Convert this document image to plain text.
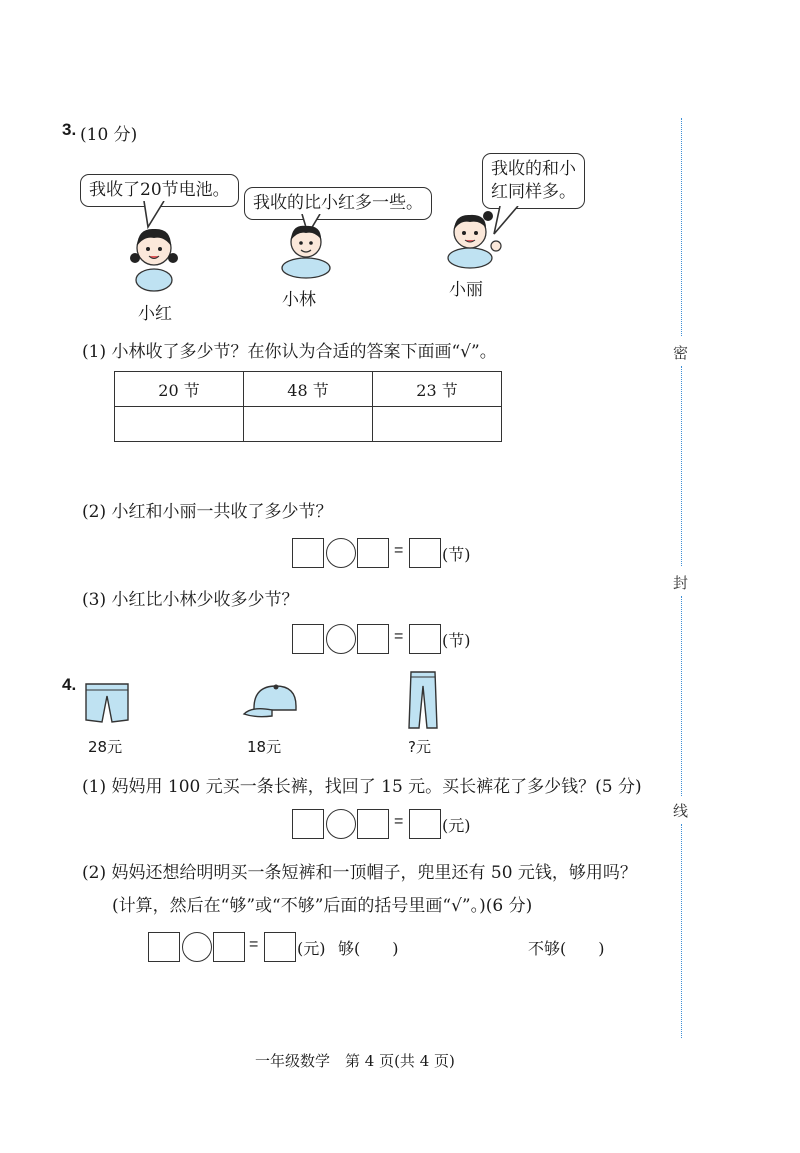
3. (10 分)
我收了20节电池。
我收的比小红多一些。
我收的和小
红同样多。
小红
小林	小丽
(1) 小林收了多少节？在你认为合适的答案下面画“√”。
20 节	48 节	23 节

(2) 小红和小丽一共收了多少节？
= (节)
(3) 小红比小林少收多少节？
= (节)
4.
28元	18元	?元
(1) 妈妈用 100 元买一条长裤，找回了 15 元。买长裤花了多少钱？(5 分)
= (元)
(2) 妈妈还想给明明买一条短裤和一顶帽子，兜里还有 50 元钱，够用吗？
(计算，然后在“够”或“不够”后面的括号里画“√”。)(6 分)
= (元) 够(　　)	不够(　　)
密
封
线
一年级数学　第 4 页(共 4 页)
